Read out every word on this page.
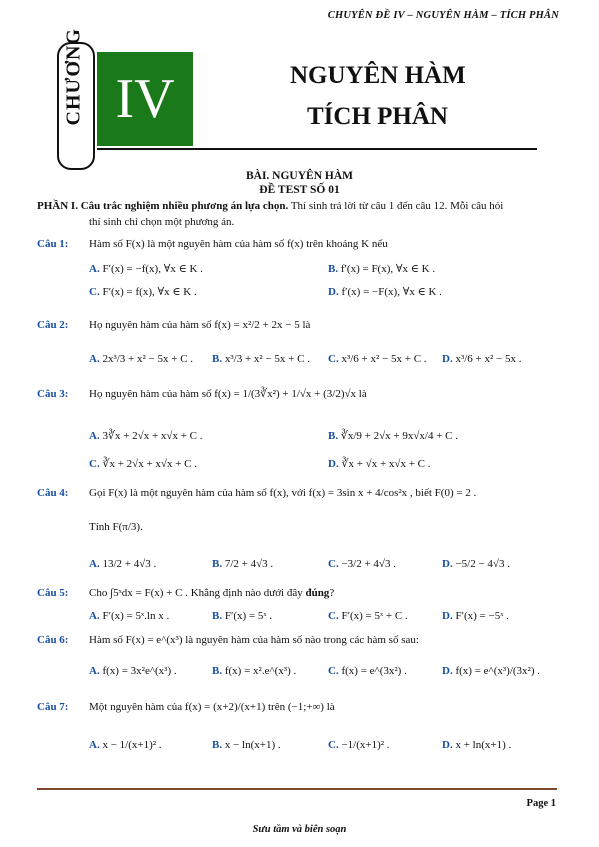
CHUYÊN ĐỀ IV – NGUYÊN HÀM – TÍCH PHÂN
CHƯƠNG IV	NGUYÊN HÀM
TÍCH PHÂN
BÀI. NGUYÊN HÀM
ĐỀ TEST SỐ 01
PHẦN I. Câu trắc nghiệm nhiều phương án lựa chọn. Thí sinh trả lời từ câu 1 đến câu 12. Mỗi câu hỏi
thí sinh chỉ chọn một phương án.
Câu 1: Hàm số F(x) là một nguyên hàm của hàm số f(x) trên khoảng K nếu
A. F′(x) = −f(x), ∀x ∈ K .	B. f′(x) = F(x), ∀x ∈ K .
C. F′(x) = f(x), ∀x ∈ K .	D. f′(x) = −F(x), ∀x ∈ K .
Câu 2: Họ nguyên hàm của hàm số f(x) = x²/2 + 2x − 5 là
A. 2x³/3 + x² − 5x + C . B. x³/3 + x² − 5x + C . C. x³/6 + x² − 5x + C . D. x³/6 + x² − 5x .
Câu 3: Họ nguyên hàm của hàm số f(x) = 1/(3∛x²) + 1/√x + (3/2)√x là
A. 3∛x + 2√x + x√x + C .	B. ∛x/9 + 2√x + 9x√x/4 + C .
C. ∛x + 2√x + x√x + C .	D. ∛x + √x + x√x + C .
Câu 4: Gọi F(x) là một nguyên hàm của hàm số f(x), với f(x) = 3sin x + 4/cos²x , biết F(0) = 2 .
Tính F(π/3).
A. 13/2 + 4√3 .	B. 7/2 + 4√3 .	C. −3/2 + 4√3 .	D. −5/2 − 4√3 .
Câu 5: Cho ∫5ˣdx = F(x) + C . Khẳng định nào dưới đây đúng?
A. F′(x) = 5ˣ.ln x .	B. F′(x) = 5ˣ .	C. F′(x) = 5ˣ + C .	D. F′(x) = −5ˣ .
Câu 6: Hàm số F(x) = e^(x³) là nguyên hàm của hàm số nào trong các hàm số sau:
A. f(x) = 3x²e^(x³) .	B. f(x) = x².e^(x³) .	C. f(x) = e^(3x²) .	D. f(x) = e^(x³)/(3x²) .
Câu 7: Một nguyên hàm của f(x) = (x+2)/(x+1) trên (−1;+∞) là
A. x − 1/(x+1)² .	B. x − ln(x+1) .	C. −1/(x+1)² .	D. x + ln(x+1) .
Page 1
Sưu tầm và biên soạn
